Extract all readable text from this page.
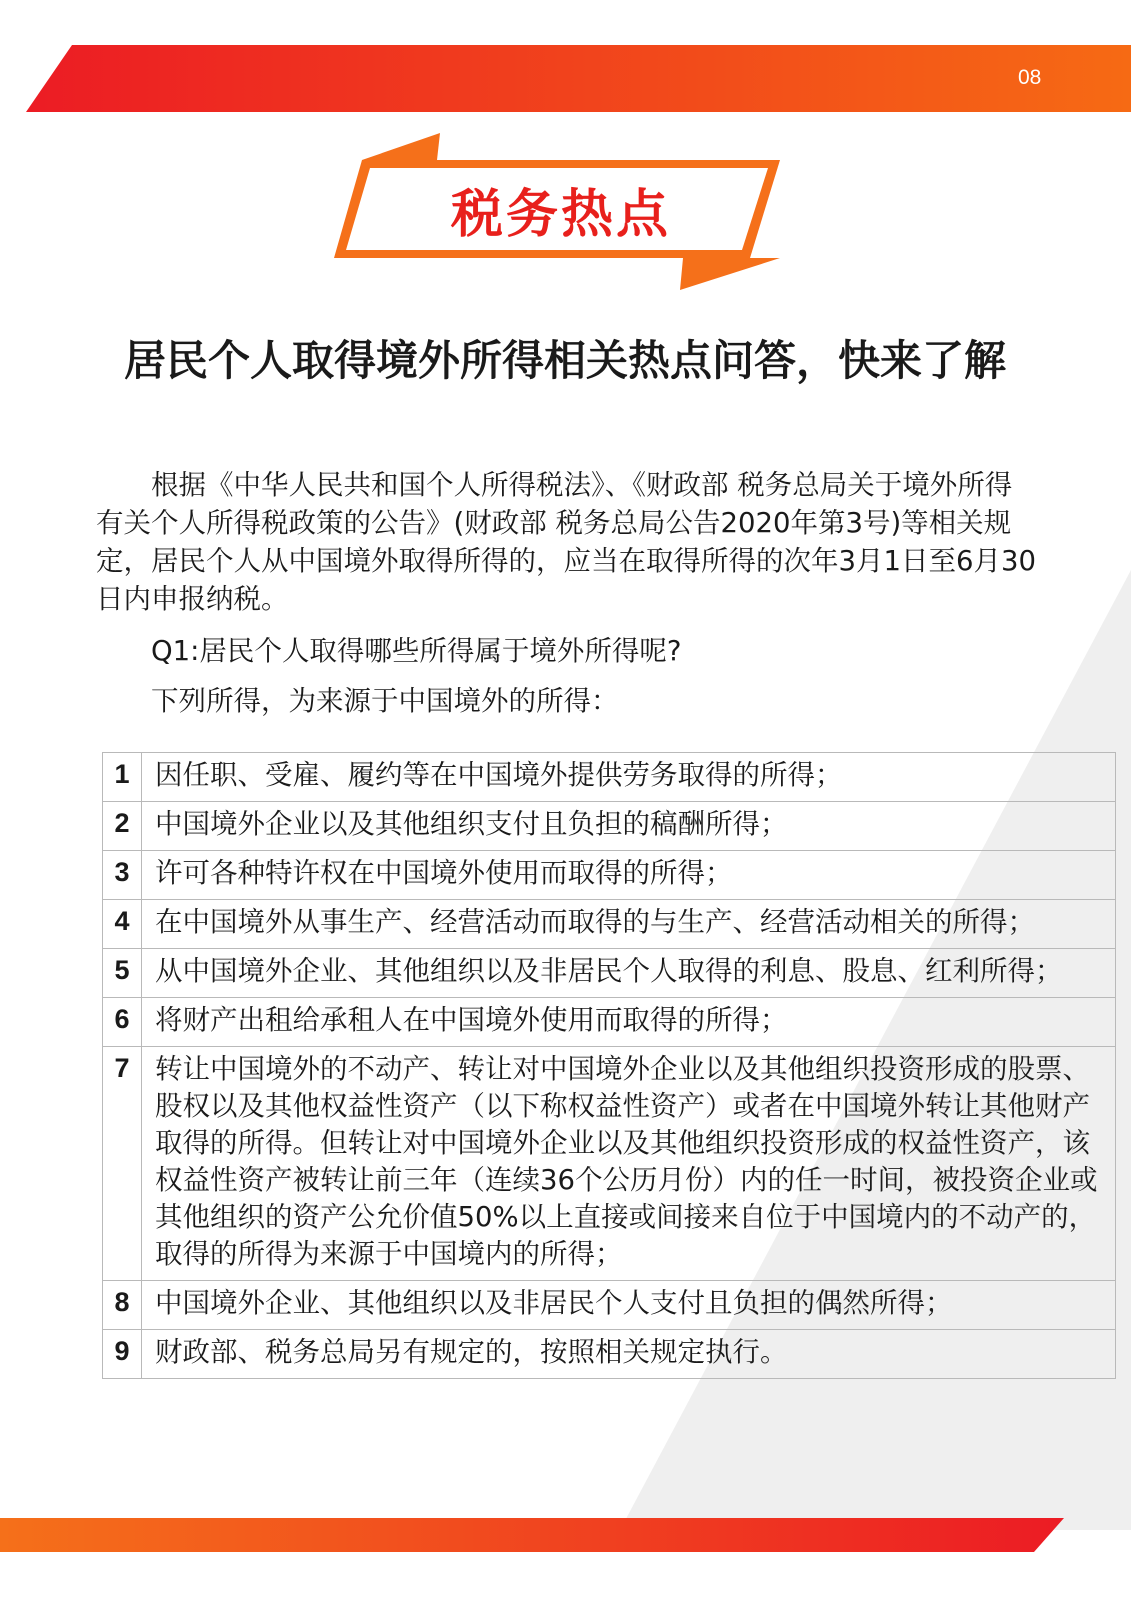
08
税务热点
居民个人取得境外所得相关热点问答，快来了解

根据《中华人民共和国个人所得税法》、《财政部 税务总局关于境外所得有关个人所得税政策的公告》(财政部 税务总局公告2020年第3号)等相关规定，居民个人从中国境外取得所得的，应当在取得所得的次年3月1日至6月30日内申报纳税。

Q1:居民个人取得哪些所得属于境外所得呢?

下列所得，为来源于中国境外的所得：

1	因任职、受雇、履约等在中国境外提供劳务取得的所得；
2	中国境外企业以及其他组织支付且负担的稿酬所得；
3	许可各种特许权在中国境外使用而取得的所得；
4	在中国境外从事生产、经营活动而取得的与生产、经营活动相关的所得；
5	从中国境外企业、其他组织以及非居民个人取得的利息、股息、红利所得；
6	将财产出租给承租人在中国境外使用而取得的所得；
7	转让中国境外的不动产、转让对中国境外企业以及其他组织投资形成的股票、股权以及其他权益性资产（以下称权益性资产）或者在中国境外转让其他财产取得的所得。但转让对中国境外企业以及其他组织投资形成的权益性资产，该权益性资产被转让前三年（连续36个公历月份）内的任一时间，被投资企业或其他组织的资产公允价值50%以上直接或间接来自位于中国境内的不动产的，取得的所得为来源于中国境内的所得；
8	中国境外企业、其他组织以及非居民个人支付且负担的偶然所得；
9	财政部、税务总局另有规定的，按照相关规定执行。
